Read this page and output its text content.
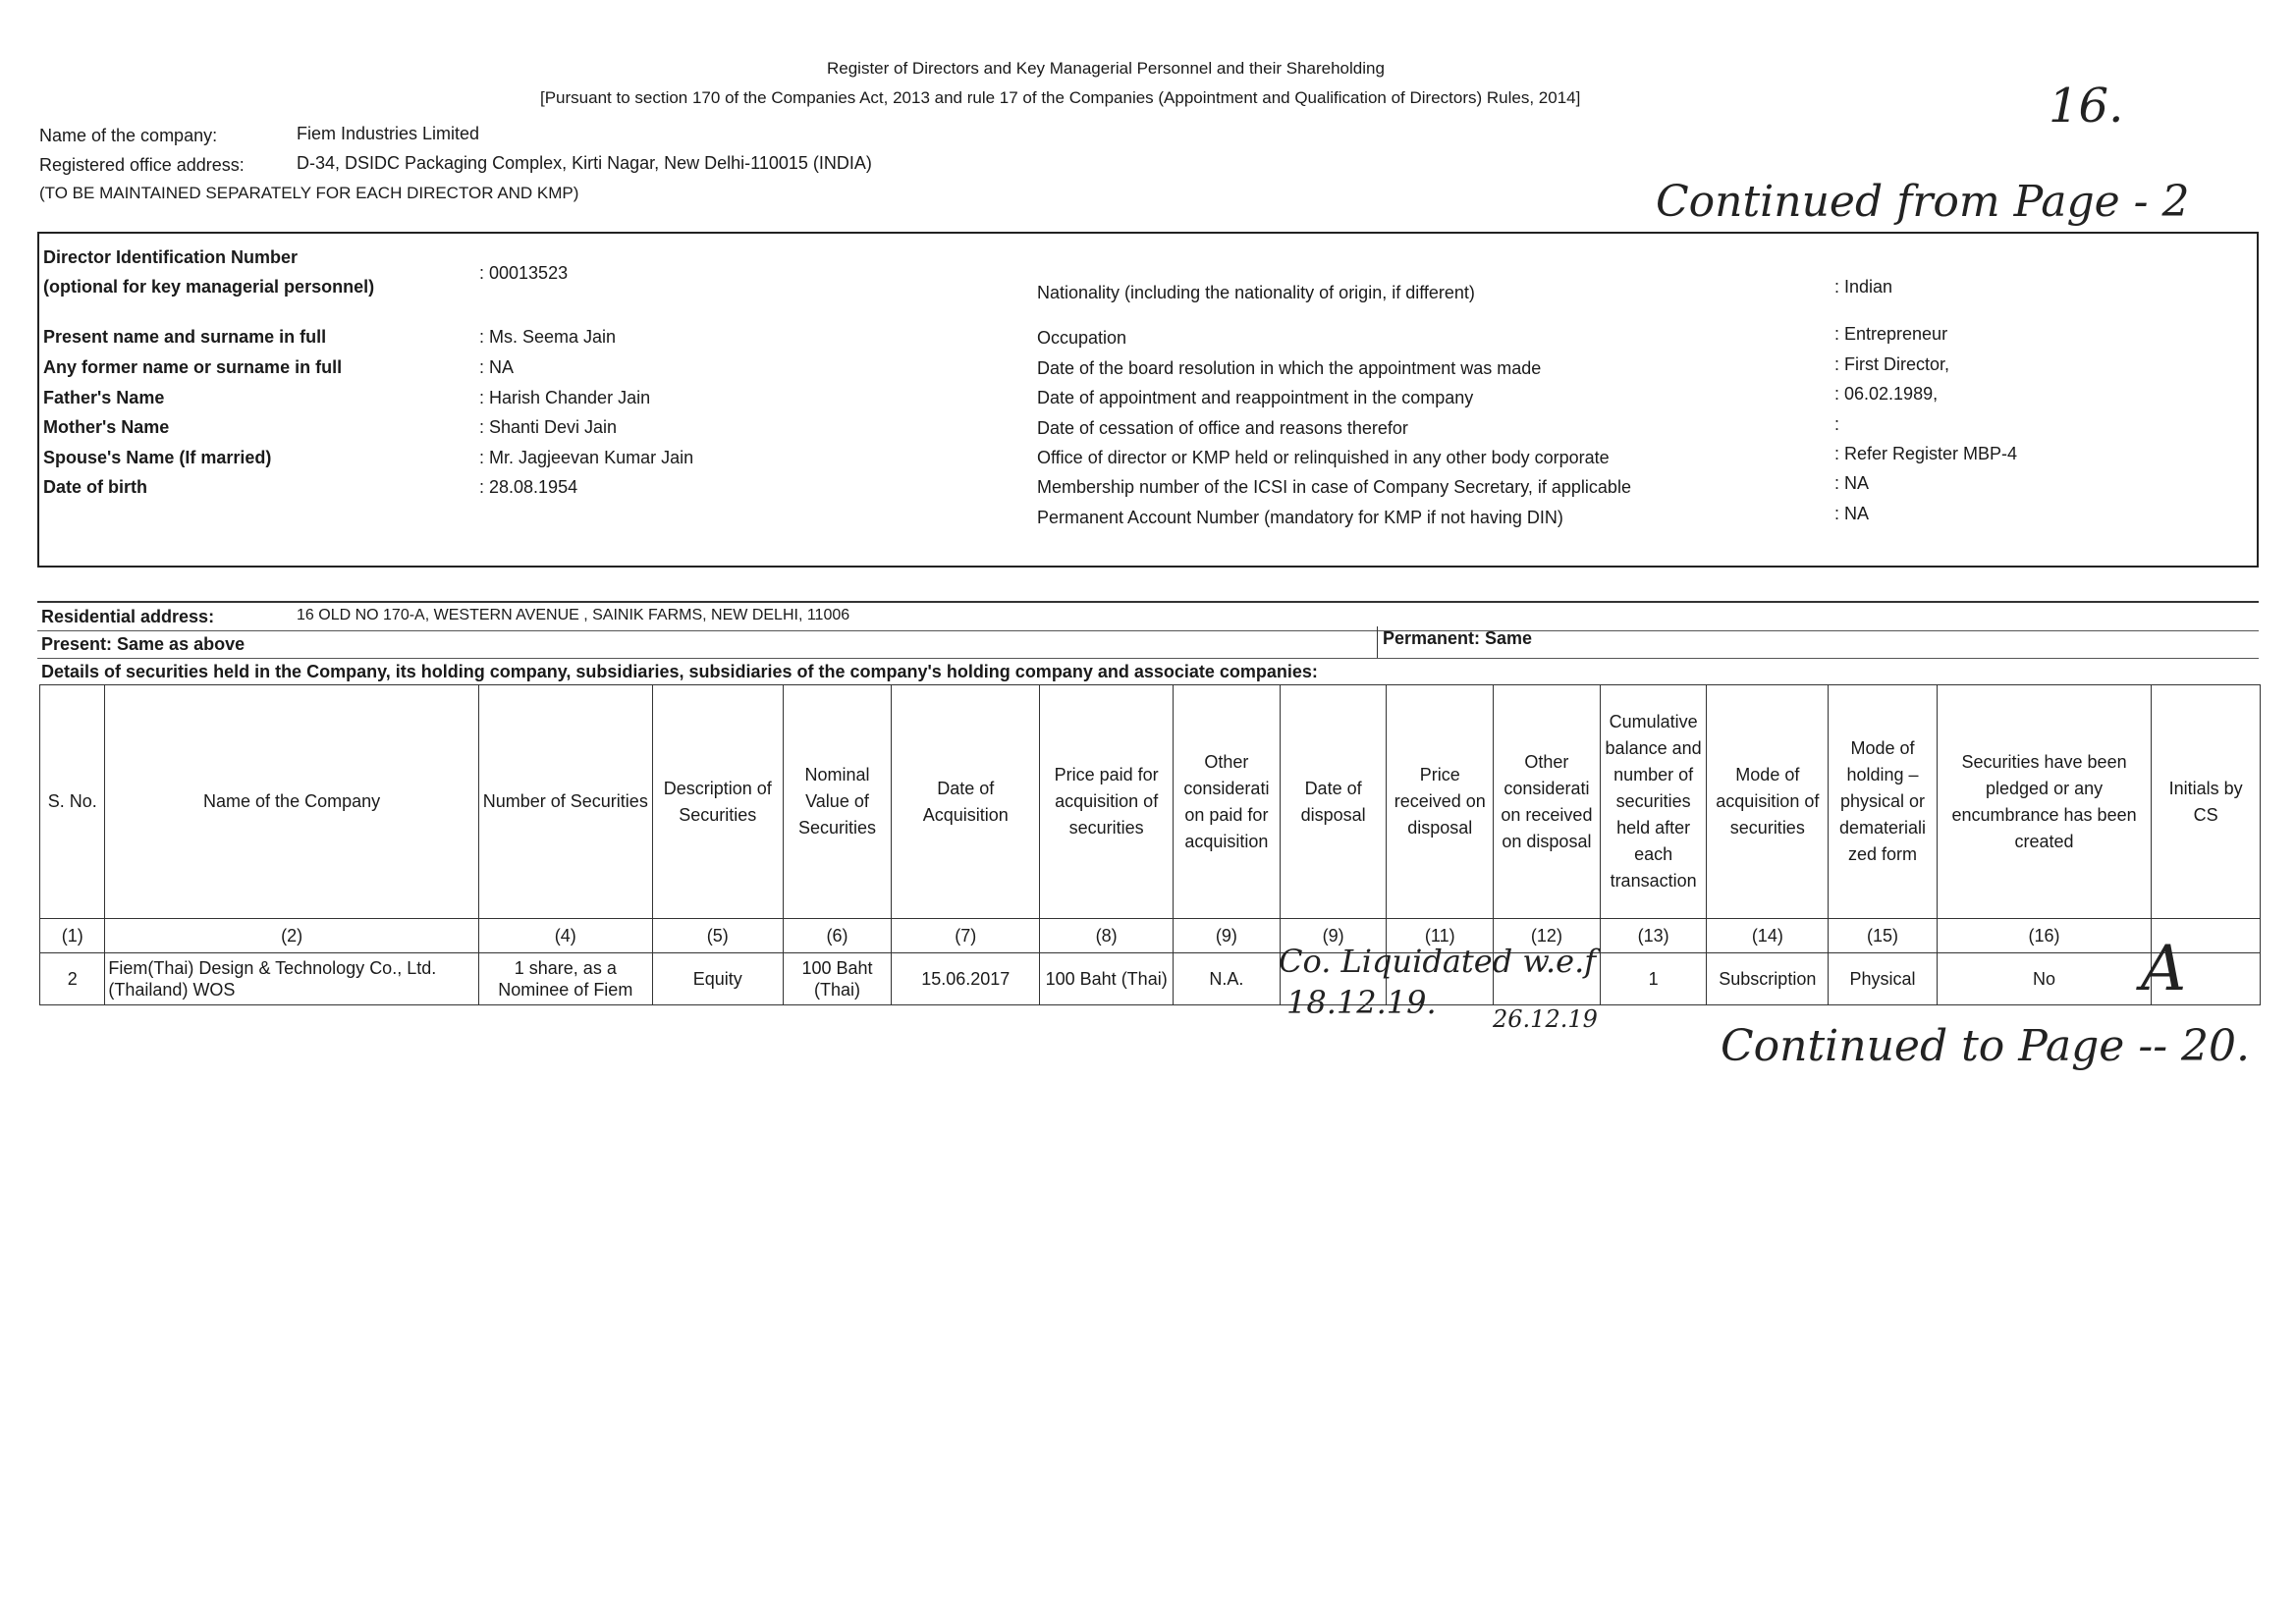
Register of Directors and Key Managerial Personnel and their Shareholding
[Pursuant to section 170 of the Companies Act, 2013 and rule 17 of the Companies (Appointment and Qualification of Directors) Rules, 2014]
Name of the company:	Fiem Industries Limited
Registered office address:	D-34, DSIDC Packaging Complex, Kirti Nagar, New Delhi-110015 (INDIA)
(TO BE MAINTAINED SEPARATELY FOR EACH DIRECTOR AND KMP)
16.
Continued from Page - 2
Director Identification Number
(optional for key managerial personnel)
: 00013523
Present name and surname in full	: Ms. Seema Jain
Any former name or surname in full	: NA
Father's Name	: Harish Chander Jain
Mother's Name	: Shanti Devi Jain
Spouse's Name (If married)	: Mr. Jagjeevan Kumar Jain
Date of birth	: 28.08.1954
Nationality (including the nationality of origin, if different)	: Indian
Occupation	: Entrepreneur
Date of the board resolution in which the appointment was made	: First Director,
Date of appointment and reappointment in the company	: 06.02.1989,
Date of cessation of office and reasons therefor	:
Office of director or KMP held or relinquished in any other body corporate	: Refer Register MBP-4
Membership number of the ICSI in case of Company Secretary, if applicable	: NA
Permanent Account Number (mandatory for KMP if not having DIN)	: NA
Residential address:	16 OLD NO 170-A, WESTERN AVENUE , SAINIK FARMS, NEW DELHI, 11006
Present: Same as above	Permanent: Same
Details of securities held in the Company, its holding company, subsidiaries, subsidiaries of the company's holding company and associate companies:
S. No.	Name of the Company	Number of Securities	Description of Securities	Nominal Value of Securities	Date of Acquisition	Price paid for acquisition of securities	Other considerati on paid for acquisition	Date of disposal	Price received on disposal	Other considerati on received on disposal	Cumulative balance and number of securities held after each transaction	Mode of acquisition of securities	Mode of holding – physical or demateriali zed form	Securities have been pledged or any encumbrance has been created	Initials by CS
(1)	(2)	(4)	(5)	(6)	(7)	(8)	(9)	(9)	(11)	(12)	(13)	(14)	(15)	(16)	
2	Fiem(Thai) Design & Technology Co., Ltd. (Thailand) WOS	1 share, as a Nominee of Fiem	Equity	100 Baht (Thai)	15.06.2017	100 Baht (Thai)	N.A.				1	Subscription	Physical	No	
Co. Liquidated w.e.f
18.12.19. 26.12.19
A
Continued to Page -- 20.
